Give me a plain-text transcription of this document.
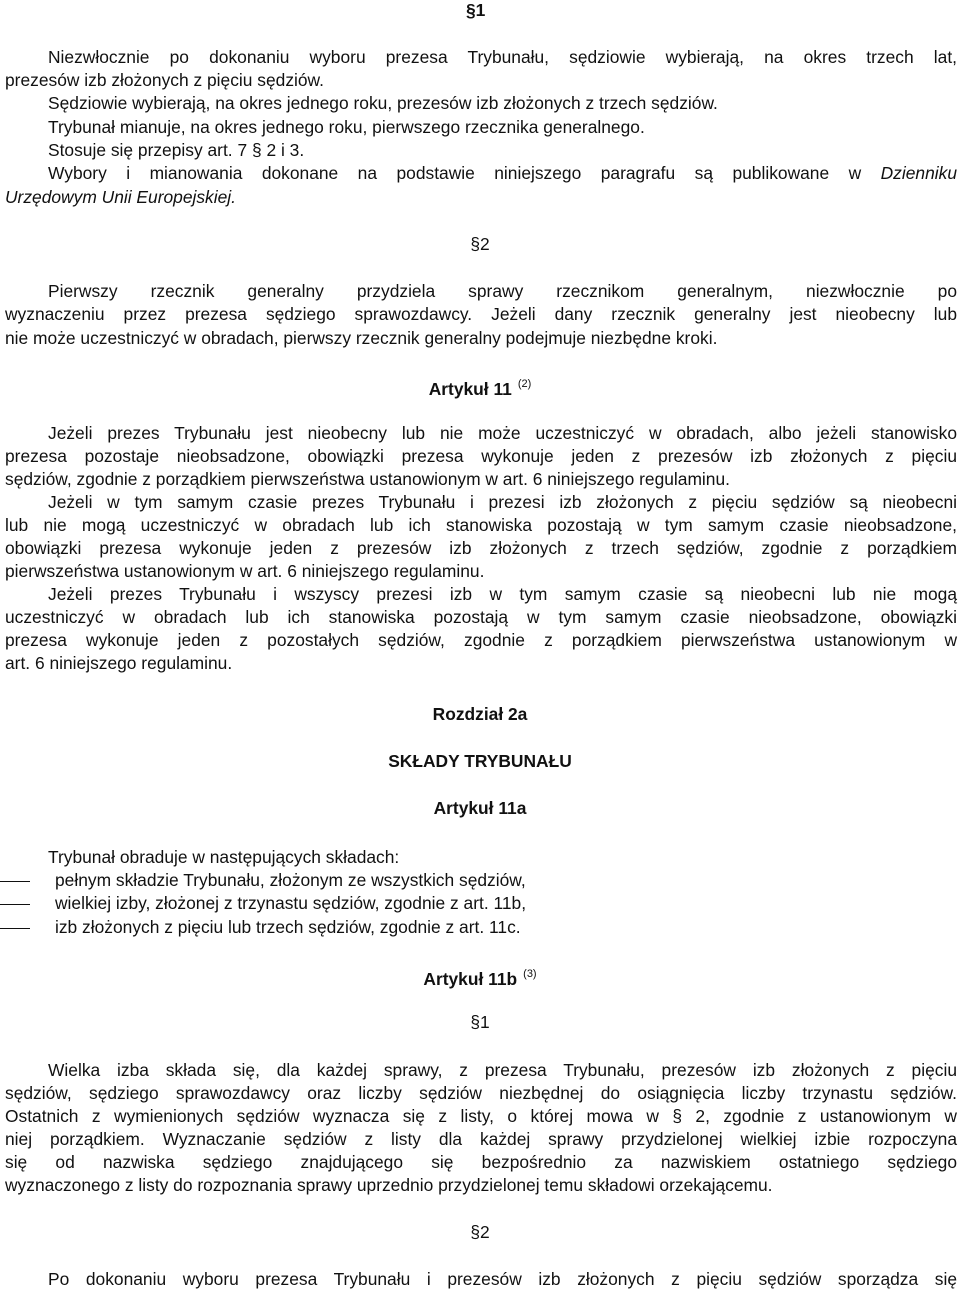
§1
Niezwłocznie po dokonaniu wyboru prezesa Trybunału, sędziowie wybierają, na okres trzech lat,
prezesów izb złożonych z pięciu sędziów.
Sędziowie wybierają, na okres jednego roku, prezesów izb złożonych z trzech sędziów.
Trybunał mianuje, na okres jednego roku, pierwszego rzecznika generalnego.
Stosuje się przepisy art. 7 § 2 i 3.
Wybory i mianowania dokonane na podstawie niniejszego paragrafu są publikowane w Dzienniku
Urzędowym Unii Europejskiej.
§2
Pierwszy rzecznik generalny przydziela sprawy rzecznikom generalnym, niezwłocznie po
wyznaczeniu przez prezesa sędziego sprawozdawcy. Jeżeli dany rzecznik generalny jest nieobecny lub
nie może uczestniczyć w obradach, pierwszy rzecznik generalny podejmuje niezbędne kroki.
Artykuł 11 $^{(2)}$
Jeżeli prezes Trybunału jest nieobecny lub nie może uczestniczyć w obradach, albo jeżeli stanowisko
prezesa pozostaje nieobsadzone, obowiązki prezesa wykonuje jeden z prezesów izb złożonych z pięciu
sędziów, zgodnie z porządkiem pierwszeństwa ustanowionym w art. 6 niniejszego regulaminu.
Jeżeli w tym samym czasie prezes Trybunału i prezesi izb złożonych z pięciu sędziów są nieobecni
lub nie mogą uczestniczyć w obradach lub ich stanowiska pozostają w tym samym czasie nieobsadzone,
obowiązki prezesa wykonuje jeden z prezesów izb złożonych z trzech sędziów, zgodnie z porządkiem
pierwszeństwa ustanowionym w art. 6 niniejszego regulaminu.
Jeżeli prezes Trybunału i wszyscy prezesi izb w tym samym czasie są nieobecni lub nie mogą
uczestniczyć w obradach lub ich stanowiska pozostają w tym samym czasie nieobsadzone, obowiązki
prezesa wykonuje jeden z pozostałych sędziów, zgodnie z porządkiem pierwszeństwa ustanowionym w
art. 6 niniejszego regulaminu.
Rozdział 2a
SKŁADY TRYBUNAŁU
Artykuł 11a
Trybunał obraduje w następujących składach:
pełnym składzie Trybunału, złożonym ze wszystkich sędziów,
wielkiej izby, złożonej z trzynastu sędziów, zgodnie z art. 11b,
izb złożonych z pięciu lub trzech sędziów, zgodnie z art. 11c.
Artykuł 11b $^{(3)}$
§1
Wielka izba składa się, dla każdej sprawy, z prezesa Trybunału, prezesów izb złożonych z pięciu
sędziów, sędziego sprawozdawcy oraz liczby sędziów niezbędnej do osiągnięcia liczby trzynastu sędziów.
Ostatnich z wymienionych sędziów wyznacza się z listy, o której mowa w § 2, zgodnie z ustanowionym w
niej porządkiem. Wyznaczanie sędziów z listy dla każdej sprawy przydzielonej wielkiej izbie rozpoczyna
się od nazwiska sędziego znajdującego się bezpośrednio za nazwiskiem ostatniego sędziego
wyznaczonego z listy do rozpoznania sprawy uprzednio przydzielonej temu składowi orzekającemu.
§2
Po dokonaniu wyboru prezesa Trybunału i prezesów izb złożonych z pięciu sędziów sporządza się
